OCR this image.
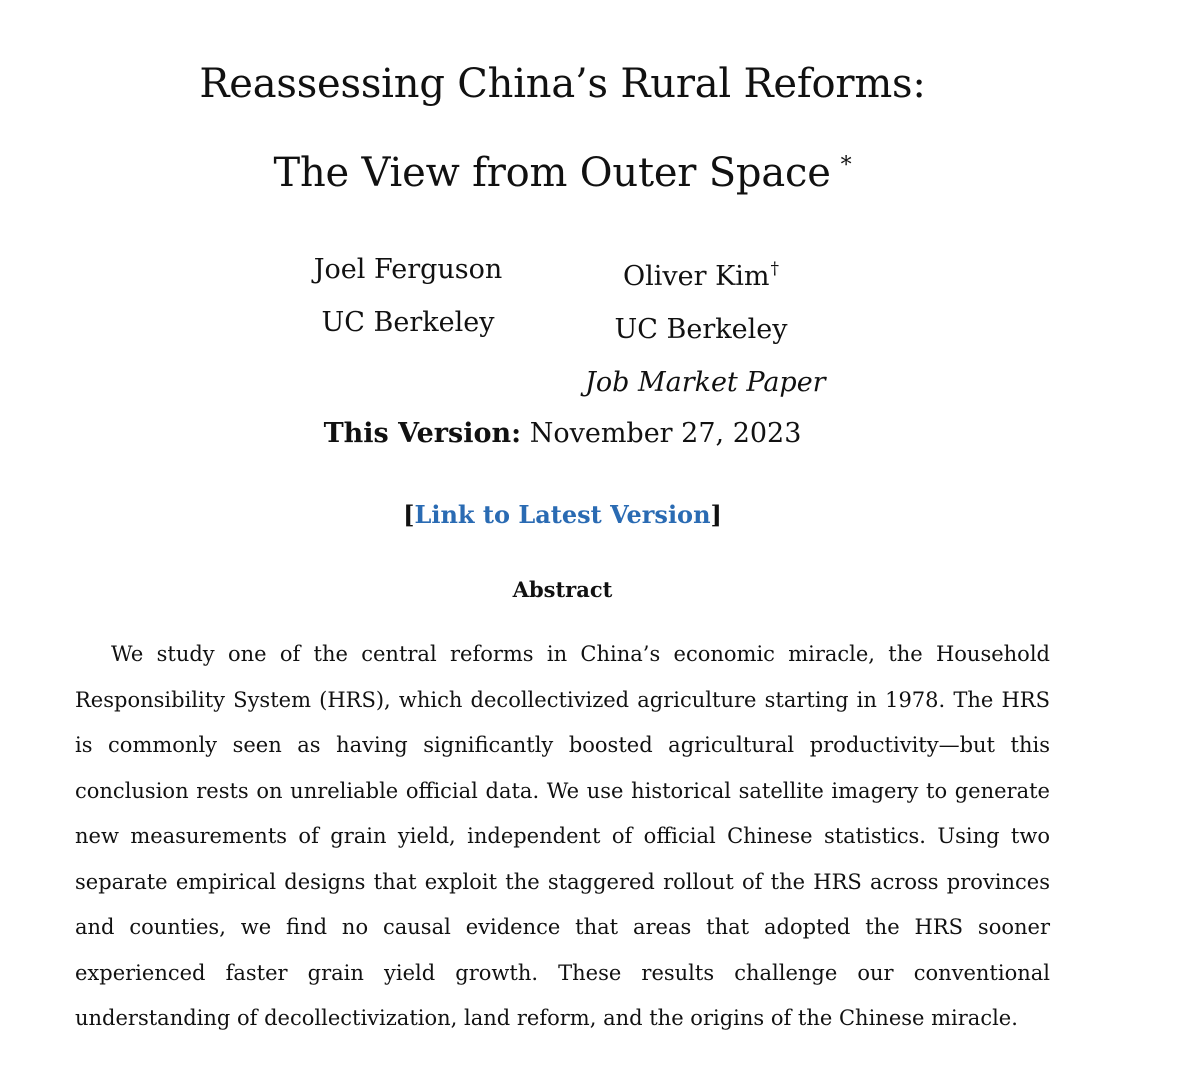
Reassessing China’s Rural Reforms:
The View from Outer Space *
Joel Ferguson
UC Berkeley
Oliver Kim†
UC Berkeley
Job Market Paper
This Version: November 27, 2023
[Link to Latest Version]
Abstract
We study one of the central reforms in China’s economic miracle, the Household Responsibility System (HRS), which decollectivized agriculture starting in 1978. The HRS is commonly seen as having significantly boosted agricultural productivity—but this conclusion rests on unreliable official data. We use historical satellite imagery to generate new measurements of grain yield, independent of official Chinese statistics. Using two separate empirical designs that exploit the staggered rollout of the HRS across provinces and counties, we find no causal evidence that areas that adopted the HRS sooner experienced faster grain yield growth. These results challenge our conventional understanding of decollectivization, land reform, and the origins of the Chinese miracle.
